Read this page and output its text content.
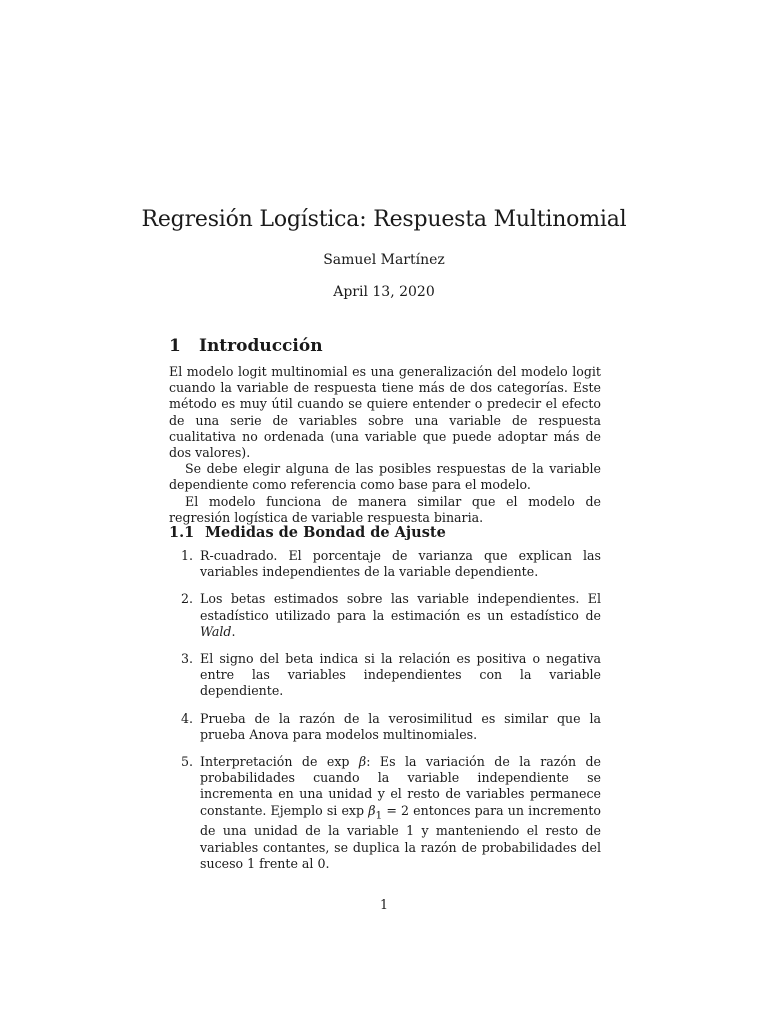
Regresión Logística: Respuesta Multinomial
Samuel Martínez
April 13, 2020
1 Introducción

El modelo logit multinomial es una generalización del modelo logit cuando la variable de respuesta tiene más de dos categorías. Este método es muy útil cuando se quiere entender o predecir el efecto de una serie de variables sobre una variable de respuesta cualitativa no ordenada (una variable que puede adoptar más de dos valores).

Se debe elegir alguna de las posibles respuestas de la variable dependiente como referencia como base para el modelo.

El modelo funciona de manera similar que el modelo de regresión logística de variable respuesta binaria.

1.1 Medidas de Bondad de Ajuste
1. R-cuadrado. El porcentaje de varianza que explican las variables independientes de la variable dependiente.
2. Los betas estimados sobre las variable independientes. El estadístico utilizado para la estimación es un estadístico de Wald.
3. El signo del beta indica si la relación es positiva o negativa entre las variables independientes con la variable dependiente.
4. Prueba de la razón de la verosimilitud es similar que la prueba Anova para modelos multinomiales.
5. Interpretación de exp β: Es la variación de la razón de probabilidades cuando la variable independiente se incrementa en una unidad y el resto de variables permanece constante. Ejemplo si $\exp \beta_1 = 2$ entonces para un incremento de una unidad de la variable 1 y manteniendo el resto de variables contantes, se duplica la razón de probabilidades del suceso 1 frente al 0.
1
